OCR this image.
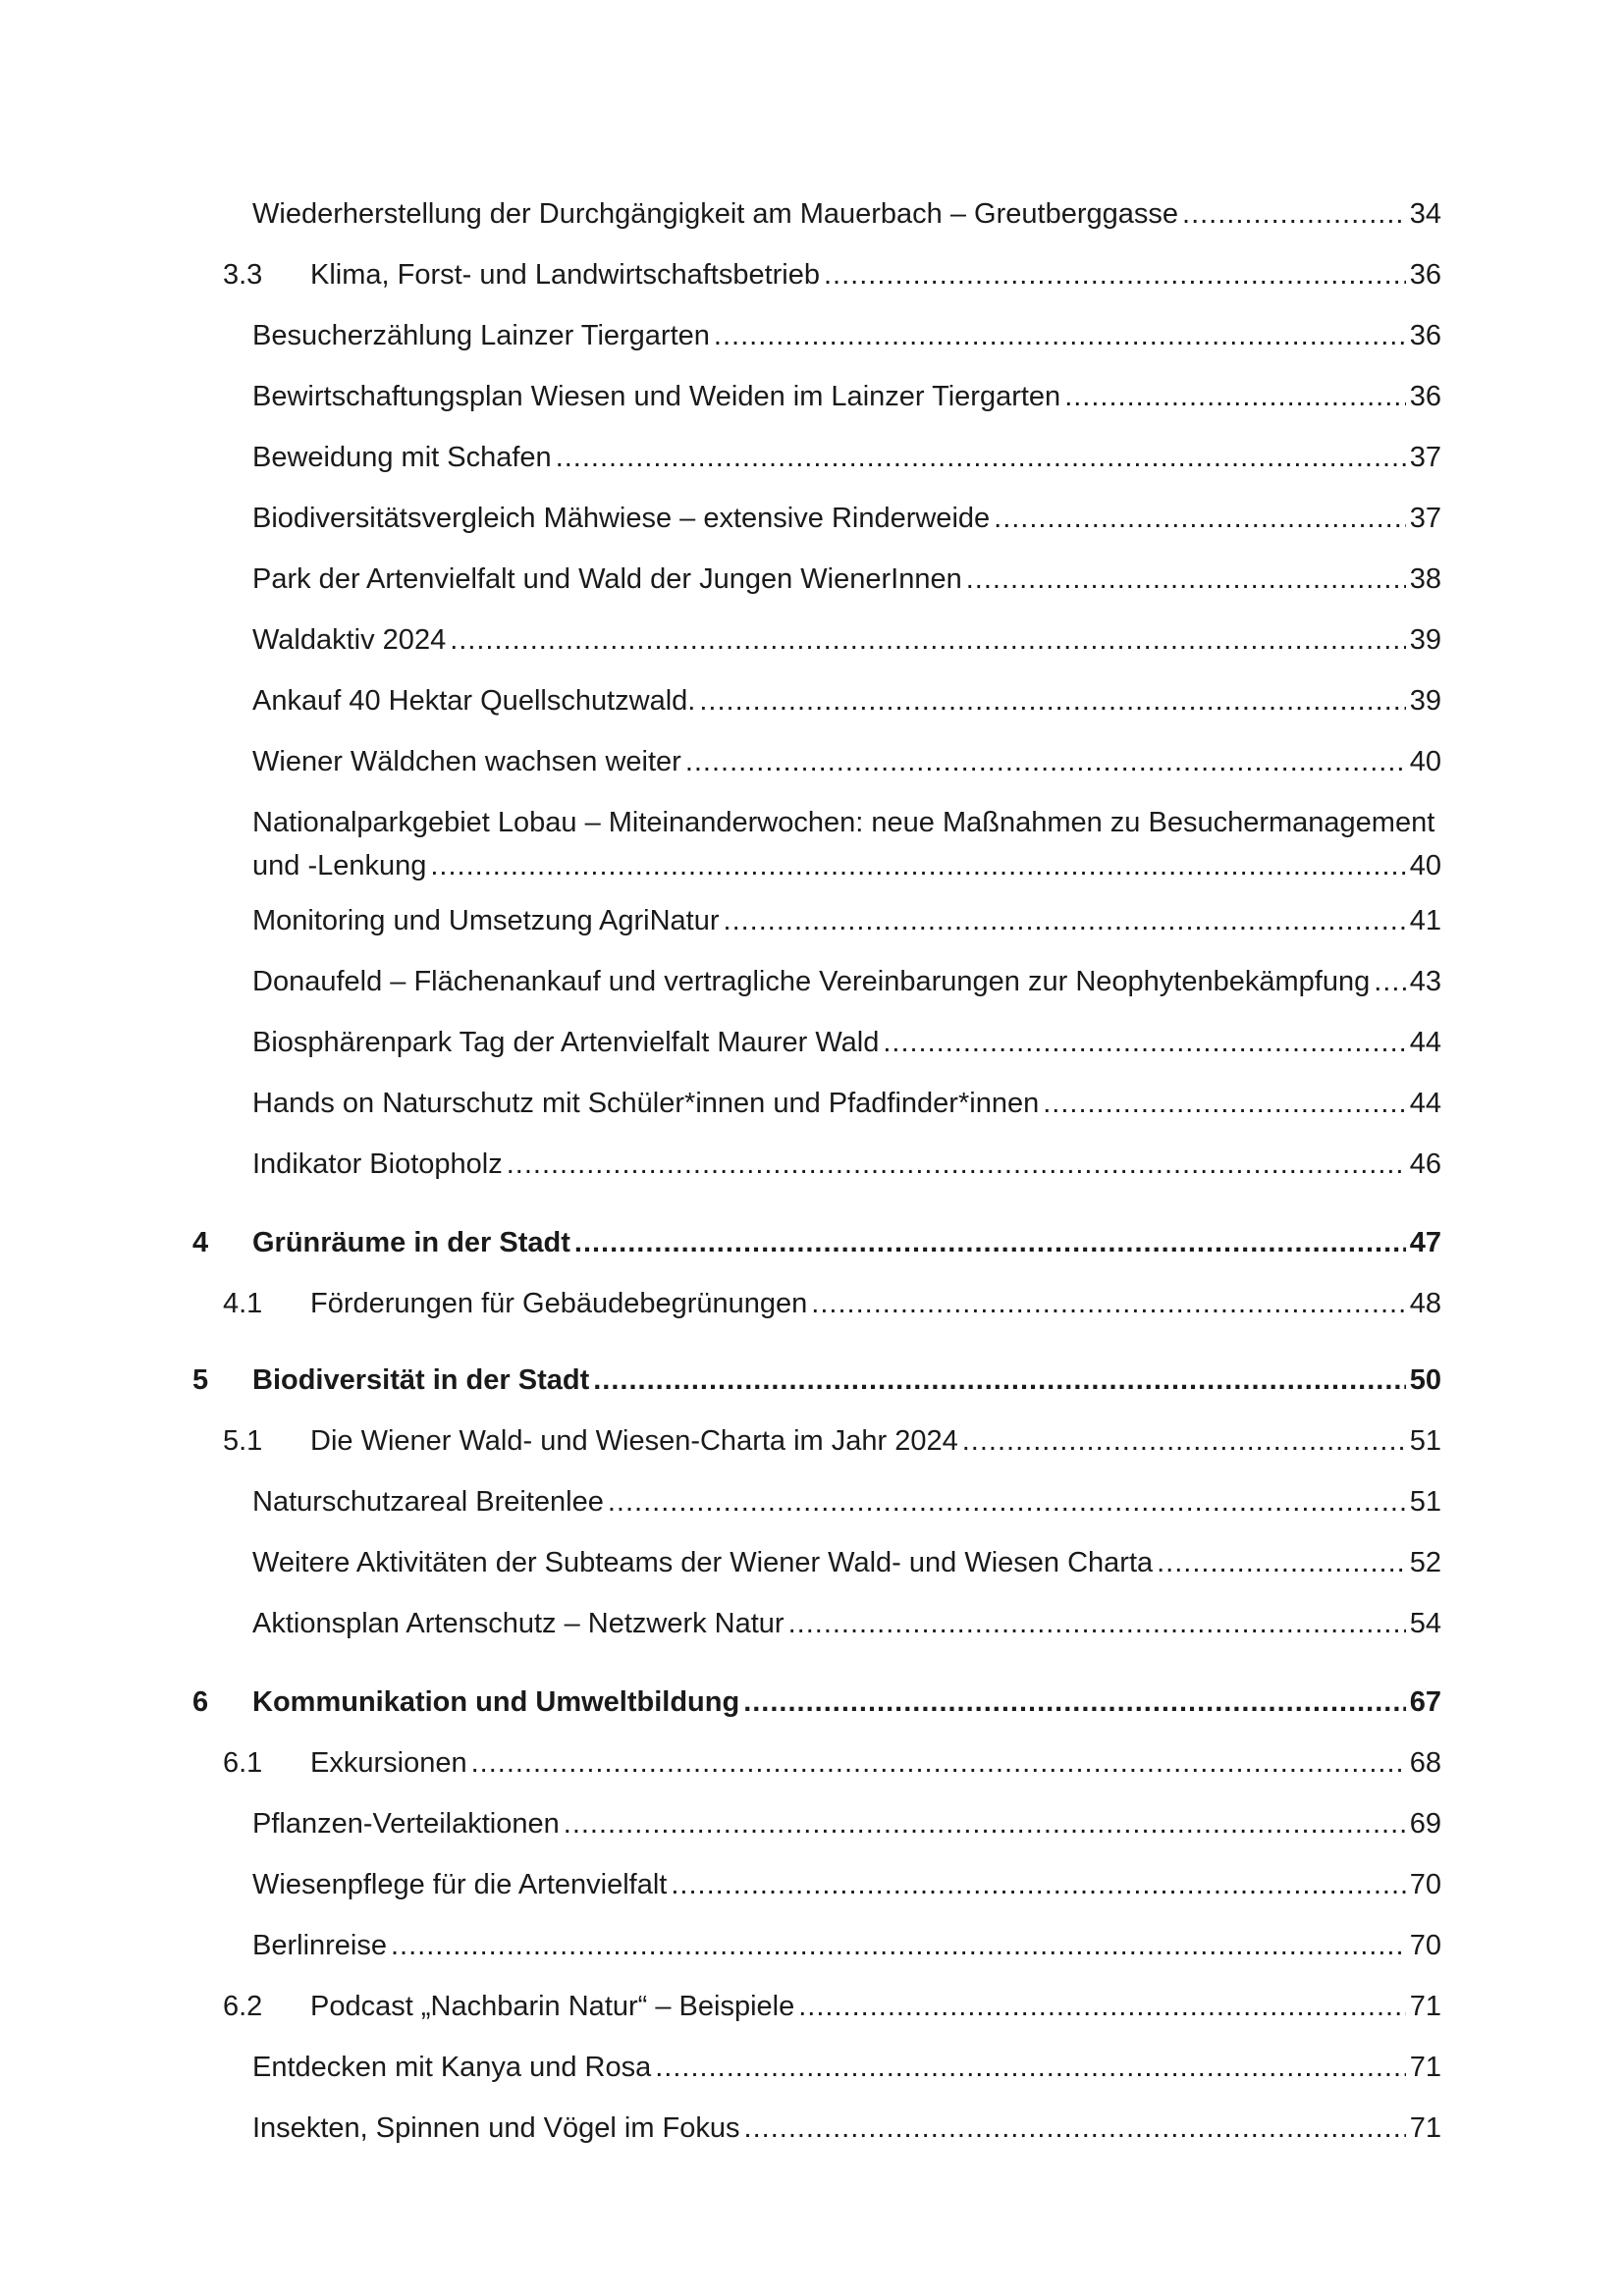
Wiederherstellung der Durchgängigkeit am Mauerbach – Greutberggasse .....	34
3.3 Klima, Forst- und Landwirtschaftsbetrieb .....	36
Besucherzählung Lainzer Tiergarten .....	36
Bewirtschaftungsplan Wiesen und Weiden im Lainzer Tiergarten .....	36
Beweidung mit Schafen .....	37
Biodiversitätsvergleich Mähwiese – extensive Rinderweide .....	37
Park der Artenvielfalt und Wald der Jungen WienerInnen .....	38
Waldaktiv 2024 .....	39
Ankauf 40 Hektar Quellschutzwald. .....	39
Wiener Wäldchen wachsen weiter .....	40
Nationalparkgebiet Lobau – Miteinanderwochen: neue Maßnahmen zu Besuchermanagement
und -Lenkung .....	40
Monitoring und Umsetzung AgriNatur .....	41
Donaufeld – Flächenankauf und vertragliche Vereinbarungen zur Neophytenbekämpfung ..... 43
Biosphärenpark Tag der Artenvielfalt Maurer Wald .....	44
Hands on Naturschutz mit Schüler*innen und Pfadfinder*innen .....	44
Indikator Biotopholz .....	46
4 Grünräume in der Stadt .....	47
4.1 Förderungen für Gebäudebegrünungen .....	48
5 Biodiversität in der Stadt .....	50
5.1 Die Wiener Wald- und Wiesen-Charta im Jahr 2024 .....	51
Naturschutzareal Breitenlee .....	51
Weitere Aktivitäten der Subteams der Wiener Wald- und Wiesen Charta .....	52
Aktionsplan Artenschutz – Netzwerk Natur .....	54
6 Kommunikation und Umweltbildung .....	67
6.1 Exkursionen .....	68
Pflanzen-Verteilaktionen .....	69
Wiesenpflege für die Artenvielfalt .....	70
Berlinreise .....	70
6.2 Podcast „Nachbarin Natur“ – Beispiele .....	71
Entdecken mit Kanya und Rosa .....	71
Insekten, Spinnen und Vögel im Fokus .....	71
